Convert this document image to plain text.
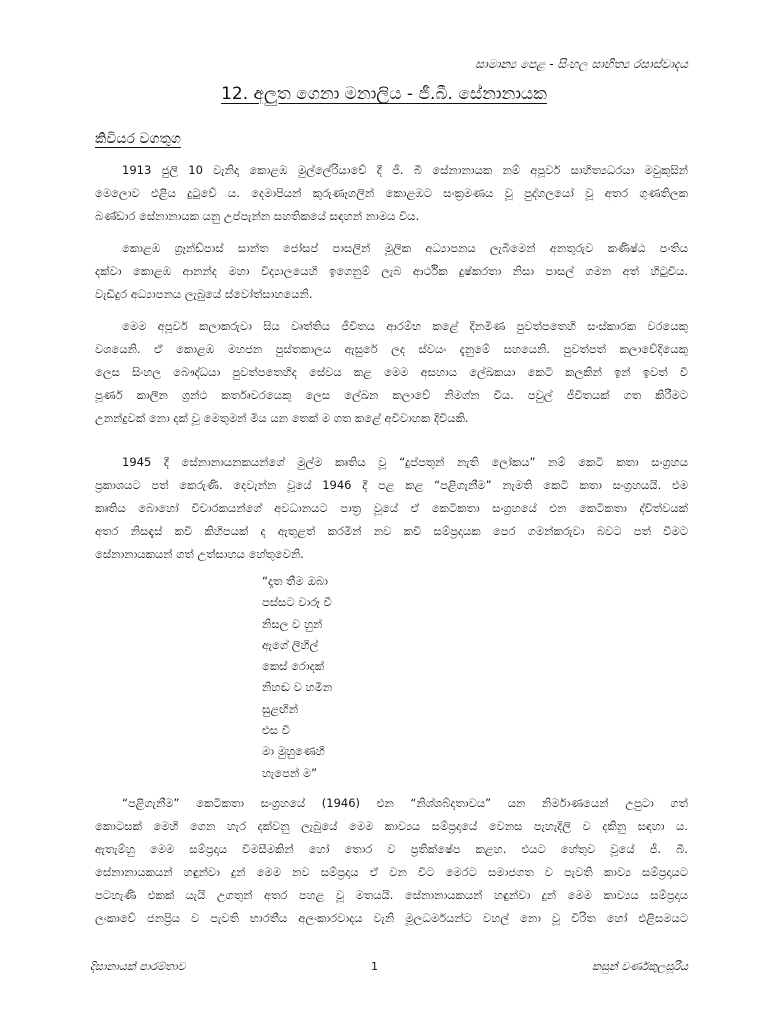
සාමාන්‍ය පෙළ - සිංහල සාහිත්‍ය රසාස්වාදය
12. අලුත ගෙනා මනාලිය - ජී.බී. සේනානායක
කිවියර වගතුග
1913 ජුලි 10 වැනිදා කොළඹ මුල්ලේරියාවේ දී ජී. බී සේනානායක නම් අපූර්ව සාහිත්‍යධරයා මවුකුසින්
මෙලොව එළිය දුටුවේ ය. දෙමාපියන් කුරුණෑගලින් කොළඹට සංක්‍රමණය වූ පුද්ගලයෝ වූ අතර ගුණතිලක
බණ්ඩාර සේනානායක යනු උප්පැන්න සහතිකයේ සඳහන් නාමය විය.
කොළඹ ග්‍රෑන්ඩ්පාස් සාන්ත ජෝසප් පාසලින් මූලික අධ්‍යාපනය ලැබීමෙන් අනතුරුව කණිෂ්ඨ පංතිය
දක්වා කොළඹ ආනන්ද මහා විද්‍යාලයෙහි ඉගෙනුම් ලැබ ආර්ථික දුෂ්කරතා නිසා පාසල් ගමන අත් හිටුවිය.
වැඩිදුර අධ්‍යාපනය ලැබුයේ ස්වෝත්සාහයෙනි.
මෙම අපූර්ව කලාකරුවා සිය වෘත්තිය ජීවිතය ආරම්භ කළේ දිනමිණ පුවත්පතෙහි සංස්කාරක වරයෙකු
වශයෙනි. ඒ කොළඹ මහජන පුස්තකාලය ඇසුරේ ලද ස්වයං දැනුමේ සහයෙනි. පුවත්පත් කලාවේදියෙකු
ලෙස සිංහල බෞද්ධයා පුවත්පතෙහිද සේවය කළ මෙම අසහාය ලේඛකයා කෙටි කලකින් ඉන් ඉවත් වී
පූර්ණ කාලීන ග්‍රන්ථ කර්තෘවරයෙකු ලෙස ලේඛන කලාවේ නිමග්න විය. පවුල් ජීවිතයක් ගත කිරීමට
උනන්දුවක් නො දක් වූ මෙතුමන් මිය යන තෙක් ම ගත කළේ අවිවාහක දිවියකි.
1945 දී සේනානායනකයන්ගේ මුල්ම කෘතිය වූ “දුප්පතුන් නැති ලෝකය” නම් කෙටි කතා සංග්‍රහය
ප්‍රකාශයට පත් කෙරුණි. දෙවැන්න වූයේ 1946 දී පළ කළ “පළිගැනීම” නැමති කෙටි කතා සංග්‍රහයයි. එම
කෘතිය බොහෝ විචාරකයන්ගේ අවධානයට පාත්‍ර වූයේ ඒ කෙටිකතා සංග්‍රහයේ එන කෙටිකතා ද්විත්වයක්
අතර නිසඳැස් කවි කිහිපයක් ද ඇතුළත් කරමින් නව කවි සම්ප්‍රදායක පෙර ගමන්කරුවා බවට පත් වීමට
සේනානායකයන් ගත් උත්සාහය හේතුවෙනි.
“පළිගැනීම” කෙටිකතා සංග්‍රහයේ (1946) එන “නිශ්ශබ්දතාවය” යන නිර්මාණයෙන් උපුටා ගත්
කොටසක් මෙහි ගෙන හැර දක්වනු ලැබුයේ මෙම කාව්‍යය සම්ප්‍රදායේ වෙනස පැහැදිලි ව දකිනු සඳහා ය.
ඇතැම්හු මෙම සම්ප්‍රදාය විමසීමකින් හෝ තොර ව ප්‍රතික්ෂේප කළහ. එයට හේතුව වූයේ ජී. බී.
සේනානායකයන් හඳුන්වා දුන් මෙම නව සම්ප්‍රදාය ඒ වන විට මෙරට සමාජගත ව පැවති කාව්‍ය සම්ප්‍රදායට
පටහැණි එකක් යැයි උගතුන් අතර පහළ වූ මතයයි. සේනානායකයන් හඳුන්වා දුන් මෙම කාව්‍යය සම්ප්‍රදාය
ලංකාවේ ජනප්‍රිය ව පැවති භාරතීය අලංකාරවාදය වැනි මූලධර්මයන්ට වහල් නො වූ විරිත හෝ එළිසමයට
“දෑත තීම ඔබා
පස්සට වාරූ වී
නිසල ව හුන්
ඇගේ ලිහිල්
කෙස් රොදක්
නිහඬ ව හමින
සුළඟින්
එස වී
මා මුහුණෙහි
හැපෙන් ම”
දිසානායක් පාරම්තාව	1	කසුන් වර්ණකුලසූරිය
